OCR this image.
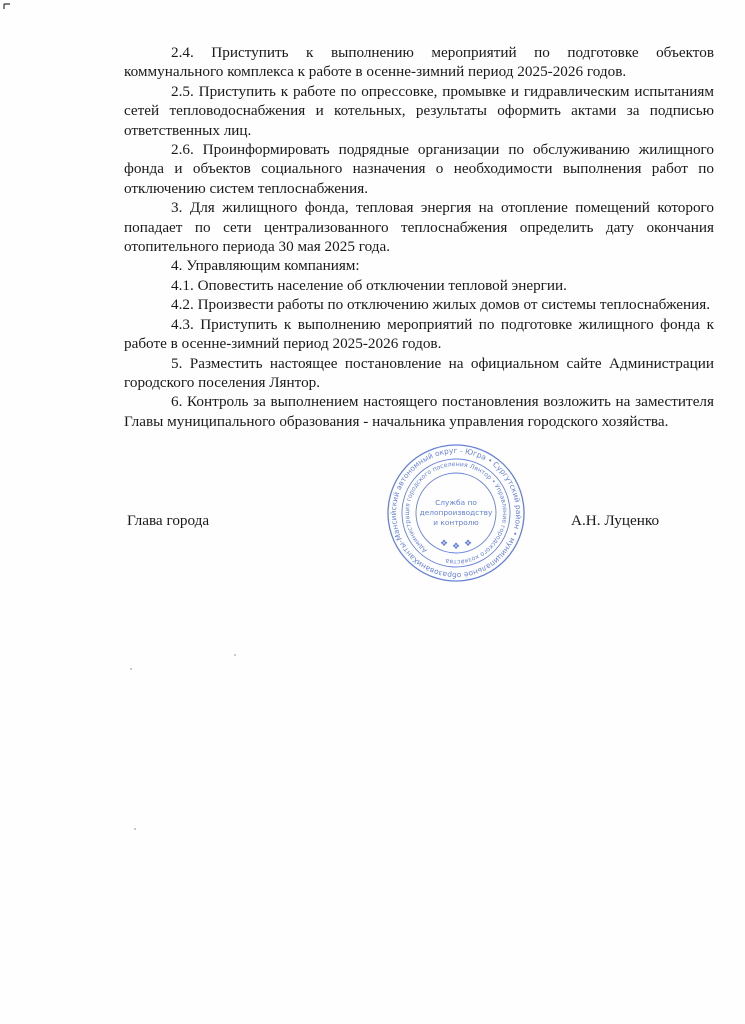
2.4. Приступить к выполнению мероприятий по подготовке объектов коммунального комплекса к работе в осенне-зимний период 2025-2026 годов.

2.5. Приступить к работе по опрессовке, промывке и гидравлическим испытаниям сетей тепловодоснабжения и котельных, результаты оформить актами за подписью ответственных лиц.

2.6. Проинформировать подрядные организации по обслуживанию жилищного фонда и объектов социального назначения о необходимости выполнения работ по отключению систем теплоснабжения.

3. Для жилищного фонда, тепловая энергия на отопление помещений которого попадает по сети централизованного теплоснабжения определить дату окончания отопительного периода 30 мая 2025 года.

4. Управляющим компаниям:

4.1. Оповестить население об отключении тепловой энергии.

4.2. Произвести работы по отключению жилых домов от системы теплоснабжения.

4.3. Приступить к выполнению мероприятий по подготовке жилищного фонда к работе в осенне-зимний период 2025-2026 годов.

5. Разместить настоящее постановление на официальном сайте Администрации городского поселения Лянтор.

6. Контроль за выполнением настоящего постановления возложить на заместителя Главы муниципального образования - начальника управления городского хозяйства.

Глава города	А.Н. Луценко
Ханты-Мансийский автономный округ - Югра • Сургутский район • муниципальное образование
Администрация городского поселения Лянтор • Управление городского хозяйства
Служба по
делопроизводству
и контролю
❖ ❖ ❖
